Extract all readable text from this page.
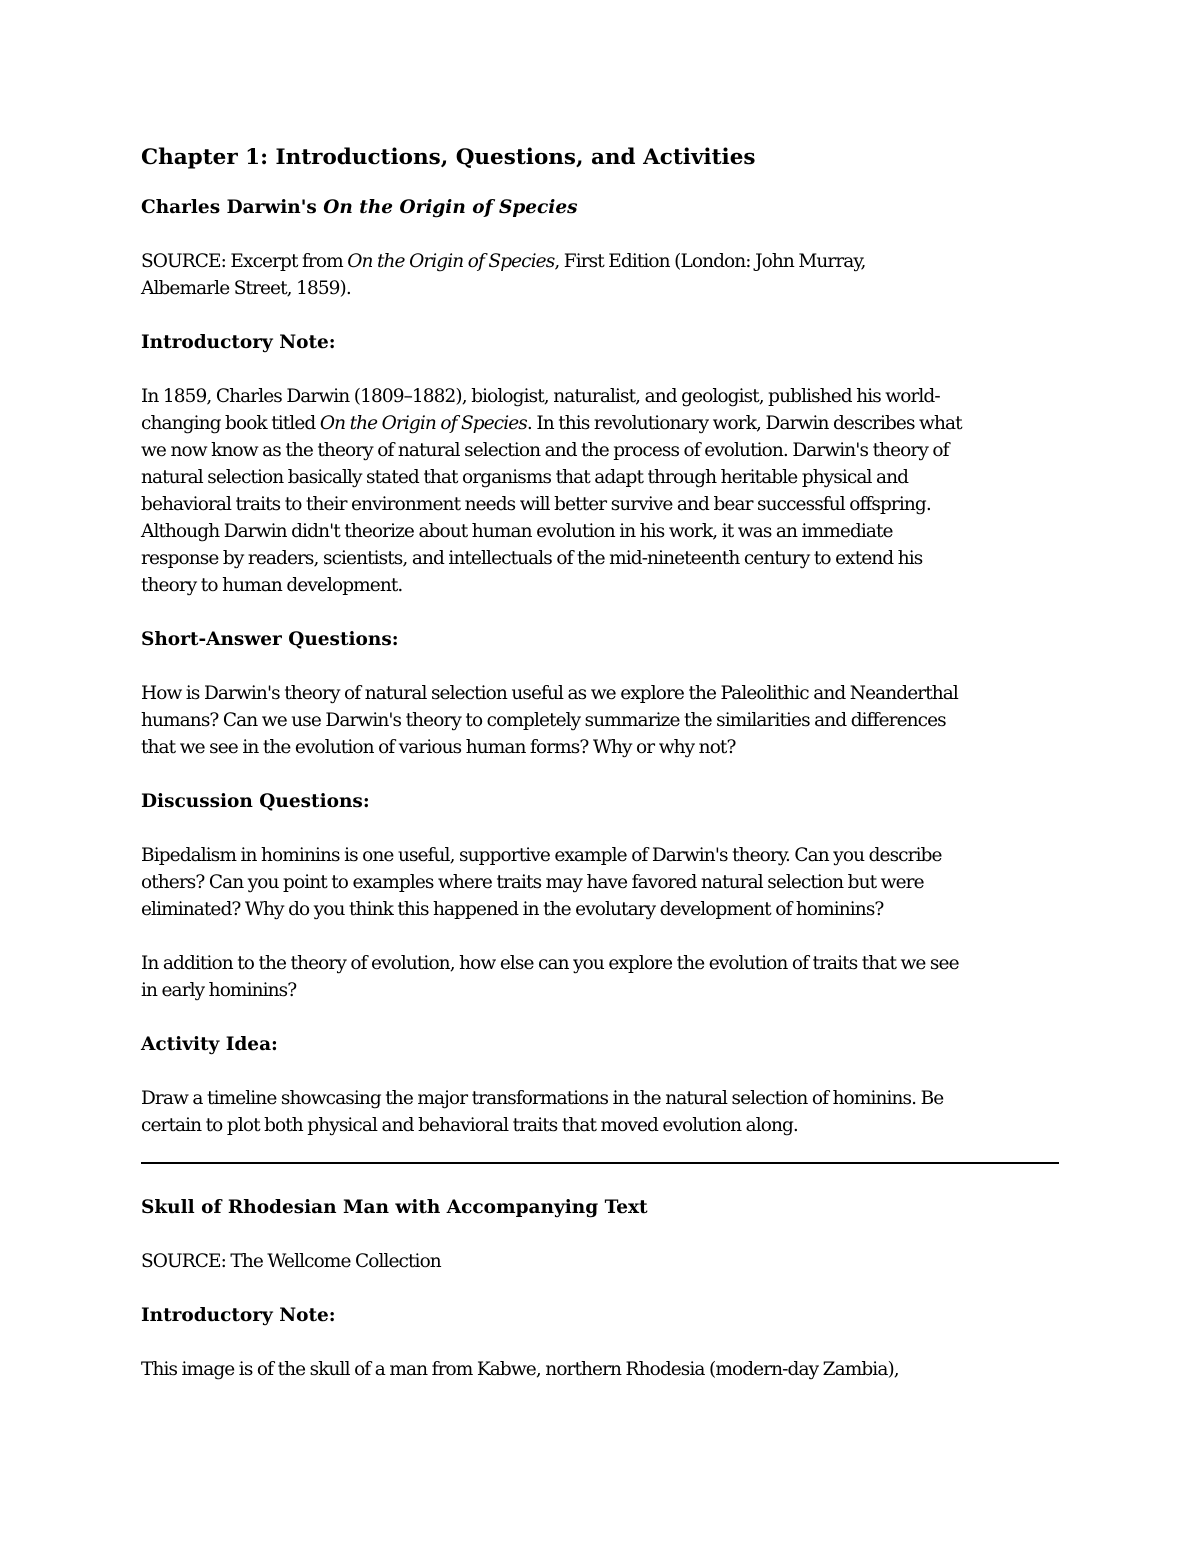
Chapter 1: Introductions, Questions, and Activities
Charles Darwin's On the Origin of Species

SOURCE: Excerpt from On the Origin of Species, First Edition (London: John Murray,
Albemarle Street, 1859).

Introductory Note:

In 1859, Charles Darwin (1809–1882), biologist, naturalist, and geologist, published his world-
changing book titled On the Origin of Species. In this revolutionary work, Darwin describes what
we now know as the theory of natural selection and the process of evolution. Darwin's theory of
natural selection basically stated that organisms that adapt through heritable physical and
behavioral traits to their environment needs will better survive and bear successful offspring.
Although Darwin didn't theorize about human evolution in his work, it was an immediate
response by readers, scientists, and intellectuals of the mid-nineteenth century to extend his
theory to human development.

Short-Answer Questions:

How is Darwin's theory of natural selection useful as we explore the Paleolithic and Neanderthal
humans? Can we use Darwin's theory to completely summarize the similarities and differences
that we see in the evolution of various human forms? Why or why not?

Discussion Questions:

Bipedalism in hominins is one useful, supportive example of Darwin's theory. Can you describe
others? Can you point to examples where traits may have favored natural selection but were
eliminated? Why do you think this happened in the evolutary development of hominins?

In addition to the theory of evolution, how else can you explore the evolution of traits that we see
in early hominins?

Activity Idea:

Draw a timeline showcasing the major transformations in the natural selection of hominins. Be
certain to plot both physical and behavioral traits that moved evolution along.

Skull of Rhodesian Man with Accompanying Text

SOURCE: The Wellcome Collection

Introductory Note:

This image is of the skull of a man from Kabwe, northern Rhodesia (modern-day Zambia),
